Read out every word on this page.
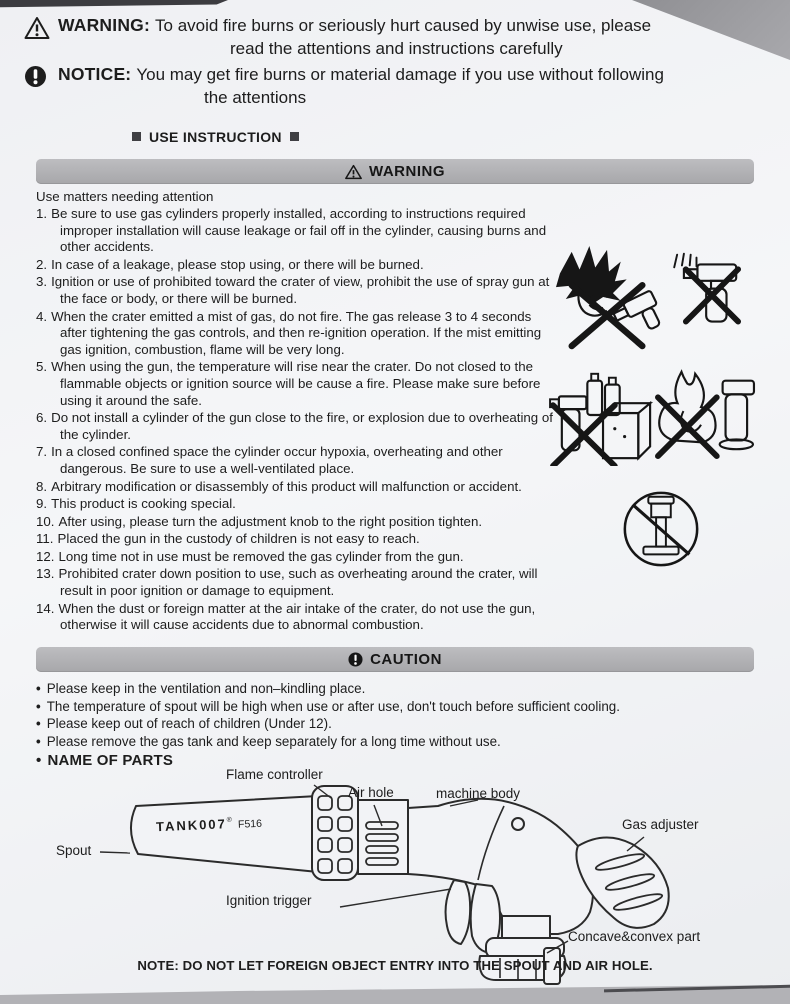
WARNING: To avoid fire burns or seriously hurt caused by unwise use, please
read the attentions and instructions carefully
NOTICE: You may get fire burns or material damage if you use without following
the attentions
USE INSTRUCTION
WARNING
Use matters needing attention
1. Be sure to use gas cylinders properly installed, according to instructions required improper installation will cause leakage or fail off in the cylinder, causing burns and other accidents.
2. In case of a leakage, please stop using, or there will be burned.
3. Ignition or use of prohibited toward the crater of view, prohibit the use of spray gun at the face or body, or there will be burned.
4. When the crater emitted a mist of gas, do not fire. The gas release 3 to 4 seconds after tightening the gas controls, and then re-ignition operation. If the mist emitting gas ignition, combustion, flame will be very long.
5. When using the gun, the temperature will rise near the crater. Do not closed to the flammable objects or ignition source will be cause a fire. Please make sure before using it around the safe.
6. Do not install a cylinder of the gun close to the fire, or explosion due to overheating of the cylinder.
7. In a closed confined space the cylinder occur hypoxia, overheating and other dangerous. Be sure to use a well-ventilated place.
8. Arbitrary modification or disassembly of this product will malfunction or accident.
9. This product is cooking special.
10. After using, please turn the adjustment knob to the right position tighten.
11. Placed the gun in the custody of children is not easy to reach.
12. Long time not in use must be removed the gas cylinder from the gun.
13. Prohibited crater down position to use, such as overheating around the crater, will result in poor ignition or damage to equipment.
14. When the dust or foreign matter at the air intake of the crater, do not use the gun, otherwise it will cause accidents due to abnormal combustion.
CAUTION
• Please keep in the ventilation and non–kindling place.
• The temperature of spout will be high when use or after use, don't touch before sufficient cooling.
• Please keep out of reach of children (Under 12).
• Please remove the gas tank and keep separately for a long time without use.
• NAME OF PARTS
TANK007® F516
Spout
Flame controller
Air hole	machine body
Gas adjuster
Ignition trigger
Concave&convex part
NOTE: DO NOT LET FOREIGN OBJECT ENTRY INTO THE SPOUT AND AIR HOLE.
